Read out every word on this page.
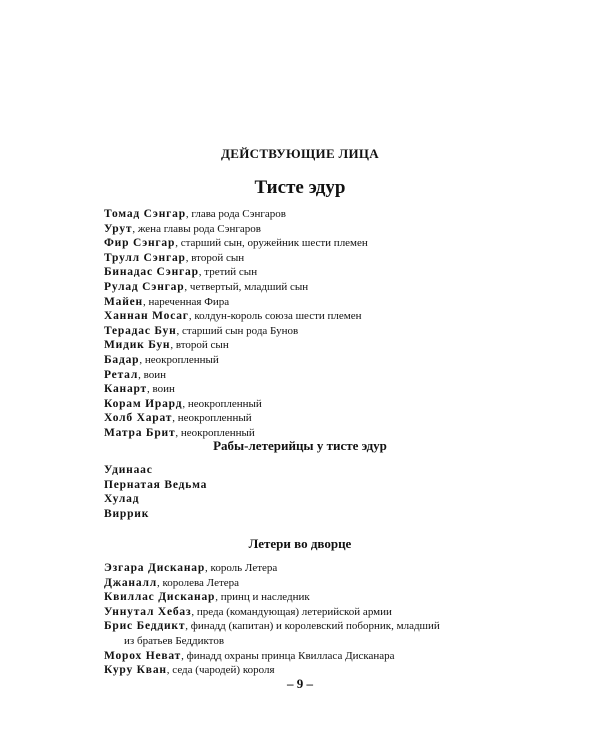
ДЕЙСТВУЮЩИЕ ЛИЦА
Тисте эдур
Томад Сэнгар, глава рода Сэнгаров
Урут, жена главы рода Сэнгаров
Фир Сэнгар, старший сын, оружейник шести племен
Трулл Сэнгар, второй сын
Бинадас Сэнгар, третий сын
Рулад Сэнгар, четвертый, младший сын
Майен, нареченная Фира
Ханнан Мосаг, колдун-король союза шести племен
Терадас Бун, старший сын рода Бунов
Мидик Бун, второй сын
Бадар, неокропленный
Ретал, воин
Канарт, воин
Корам Ирард, неокропленный
Холб Харат, неокропленный
Матра Брит, неокропленный
Рабы-летерийцы у тисте эдур
Удинаас
Пернатая Ведьма
Хулад
Виррик
Летери во дворце
Эзгара Дисканар, король Летера
Джаналл, королева Летера
Квиллас Дисканар, принц и наследник
Уннутал Хебаз, преда (командующая) летерийской армии
Брис Беддикт, финадд (капитан) и королевский поборник, младший
из братьев Беддиктов
Морох Неват, финадд охраны принца Квилласа Дисканара
Куру Кван, седа (чародей) короля
– 9 –
